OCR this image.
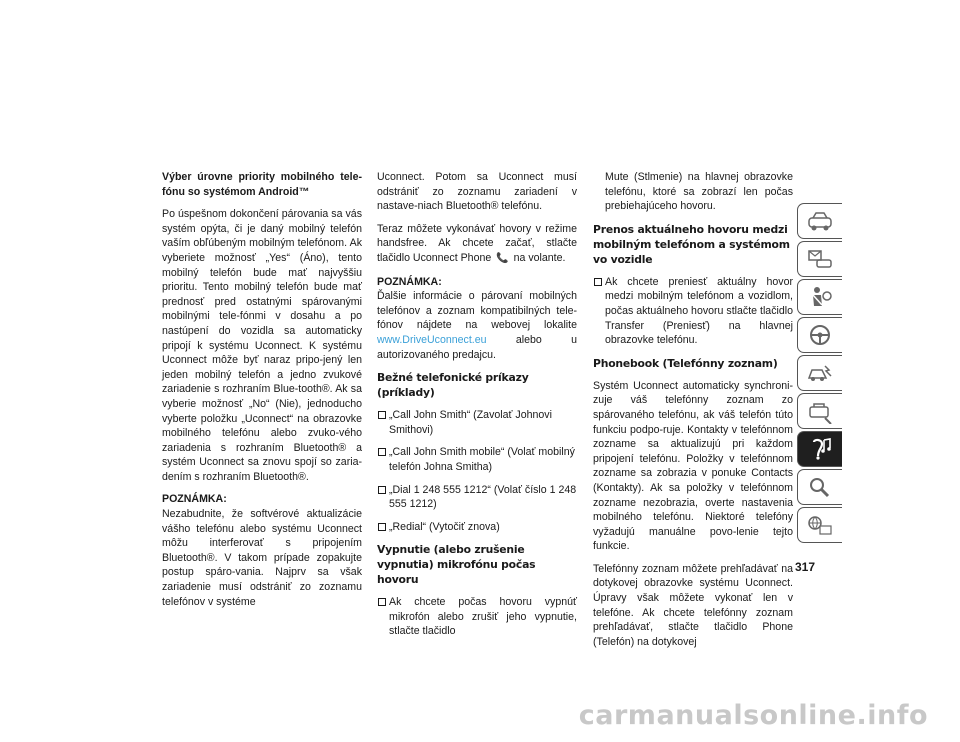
Výber úrovne priority mobilného tele-fónu so systémom Android™

Po úspešnom dokončení párovania sa vás systém opýta, či je daný mobilný telefón vaším obľúbeným mobilným telefónom. Ak vyberiete možnosť „Yes“ (Áno), tento mobilný telefón bude mať najvyššiu prioritu. Tento mobilný telefón bude mať prednosť pred ostatnými spárovanými mobilnými tele-fónmi v dosahu a po nastúpení do vozidla sa automaticky pripojí k systému Uconnect. K systému Uconnect môže byť naraz pripo-jený len jeden mobilný telefón a jedno zvukové zariadenie s rozhraním Blue-tooth®. Ak sa vyberie možnosť „No“ (Nie), jednoducho vyberte položku „Uconnect“ na obrazovke mobilného telefónu alebo zvuko-vého zariadenia s rozhraním Bluetooth® a systém Uconnect sa znovu spojí so zaria-dením s rozhraním Bluetooth®.

POZNÁMKA:

Nezabudnite, že softvérové aktualizácie vášho telefónu alebo systému Uconnect môžu interferovať s pripojením Bluetooth®. V takom prípade zopakujte postup spáro-vania. Najprv sa však zariadenie musí odstrániť zo zoznamu telefónov v systéme

Uconnect. Potom sa Uconnect musí odstrániť zo zoznamu zariadení v nastave-niach Bluetooth® telefónu.

Teraz môžete vykonávať hovory v režime handsfree. Ak chcete začať, stlačte tlačidlo Uconnect Phone 📞 na volante.

POZNÁMKA:

Ďalšie informácie o párovaní mobilných telefónov a zoznam kompatibilných tele-fónov nájdete na webovej lokalite www.DriveUconnect.eu	alebo u autorizovaného predajcu.

Bežné telefonické príkazy (príklady)
„Call John Smith“ (Zavolať Johnovi Smithovi)
„Call John Smith mobile“ (Volať mobilný telefón Johna Smitha)
„Dial 1 248 555 1212“ (Volať číslo 1 248 555 1212)
„Redial“ (Vytočiť znova)
Vypnutie (alebo zrušenie vypnutia) mikrofónu počas hovoru
Ak chcete počas hovoru vypnúť mikrofón alebo zrušiť jeho vypnutie, stlačte tlačidlo

Mute (Stlmenie) na hlavnej obrazovke telefónu, ktoré sa zobrazí len počas prebiehajúceho hovoru.

Prenos aktuálneho hovoru medzi mobilným telefónom a systémom vo vozidle
Ak chcete preniesť aktuálny hovor medzi mobilným telefónom a vozidlom, počas aktuálneho hovoru stlačte tlačidlo Transfer (Preniesť) na hlavnej obrazovke telefónu.
Phonebook (Telefónny zoznam)

Systém Uconnect automaticky synchroni-zuje váš telefónny zoznam zo spárovaného telefónu, ak váš telefón túto funkciu podpo-ruje. Kontakty v telefónnom zozname sa aktualizujú pri každom pripojení telefónu. Položky v telefónnom zozname sa zobrazia v ponuke Contacts (Kontakty). Ak sa položky v telefónnom zozname nezobrazia, overte nastavenia mobilného telefónu. Niektoré telefóny vyžadujú manuálne povo-lenie tejto funkcie.

Telefónny zoznam môžete prehľadávať na dotykovej obrazovke systému Uconnect. Úpravy však môžete vykonať len v telefóne. Ak chcete telefónny zoznam prehľadávať, stlačte tlačidlo Phone (Telefón) na dotykovej

317
carmanualsonline.info
